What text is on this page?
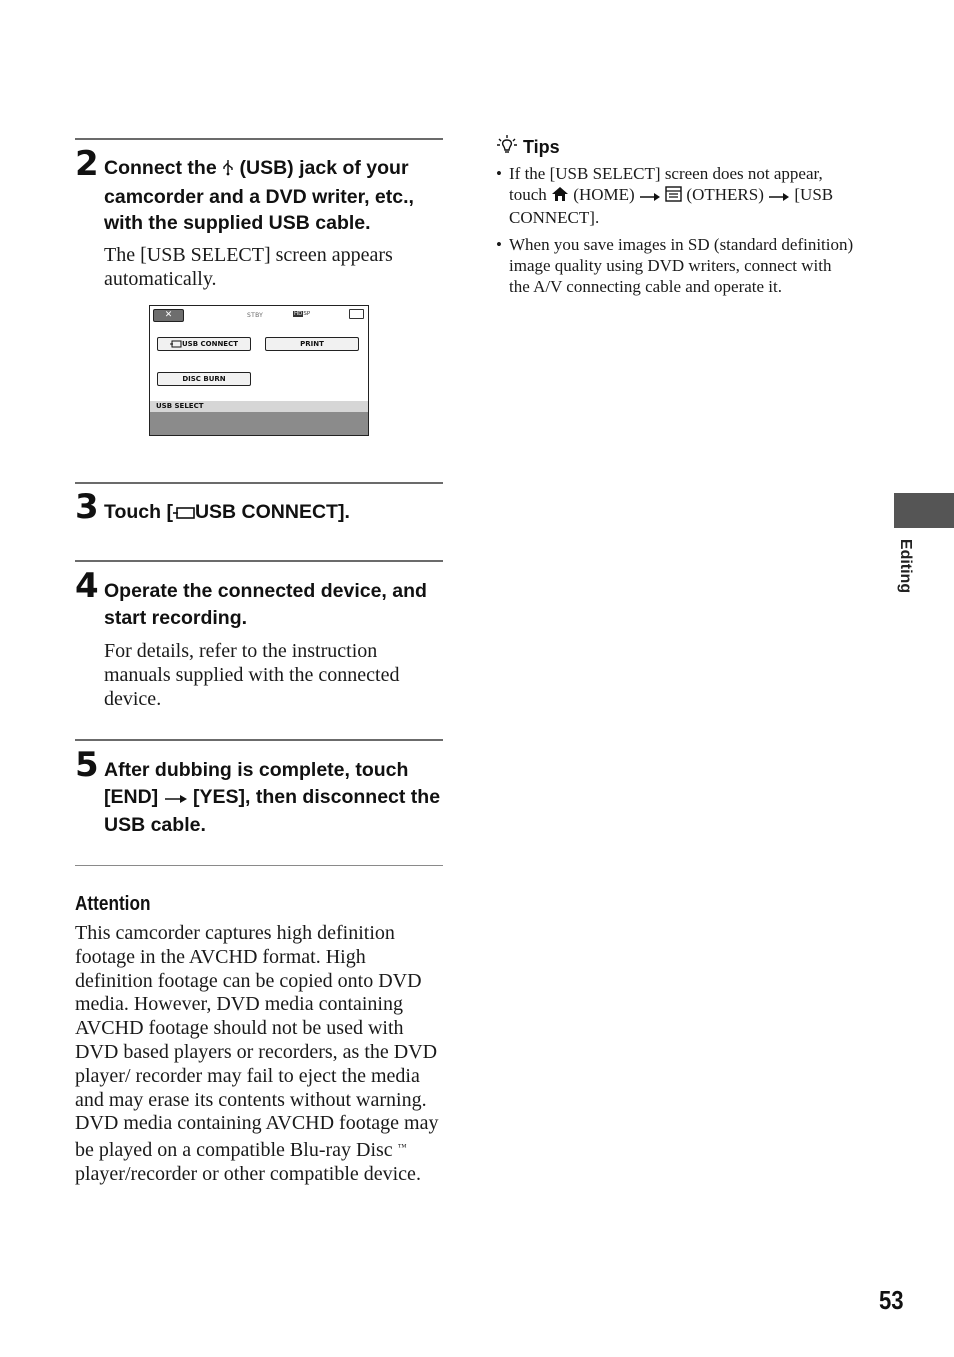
2 Connect the (USB) jack of your camcorder and a DVD writer, etc., with the supplied USB cable.
The [USB SELECT] screen appears automatically.
✕	STBY	HDSP
USB CONNECT	PRINT
DISC BURN
USB SELECT
3 Touch [ USB CONNECT].
4 Operate the connected device, and start recording.
For details, refer to the instruction manuals supplied with the connected device.
5 After dubbing is complete, touch [END] [YES], then disconnect the USB cable.
Attention
This camcorder captures high definition footage in the AVCHD format. High definition footage can be copied onto DVD media. However, DVD media containing AVCHD footage should not be used with DVD based players or recorders, as the DVD player/ recorder may fail to eject the media and may erase its contents without warning. DVD media containing AVCHD footage may be played on a compatible Blu-ray Disc ™ player/recorder or other compatible device.
Tips
• If the [USB SELECT] screen does not appear, touch (HOME)	(OTHERS) [USB CONNECT].
• When you save images in SD (standard definition) image quality using DVD writers, connect with the A/V connecting cable and operate it.
Editing
53
